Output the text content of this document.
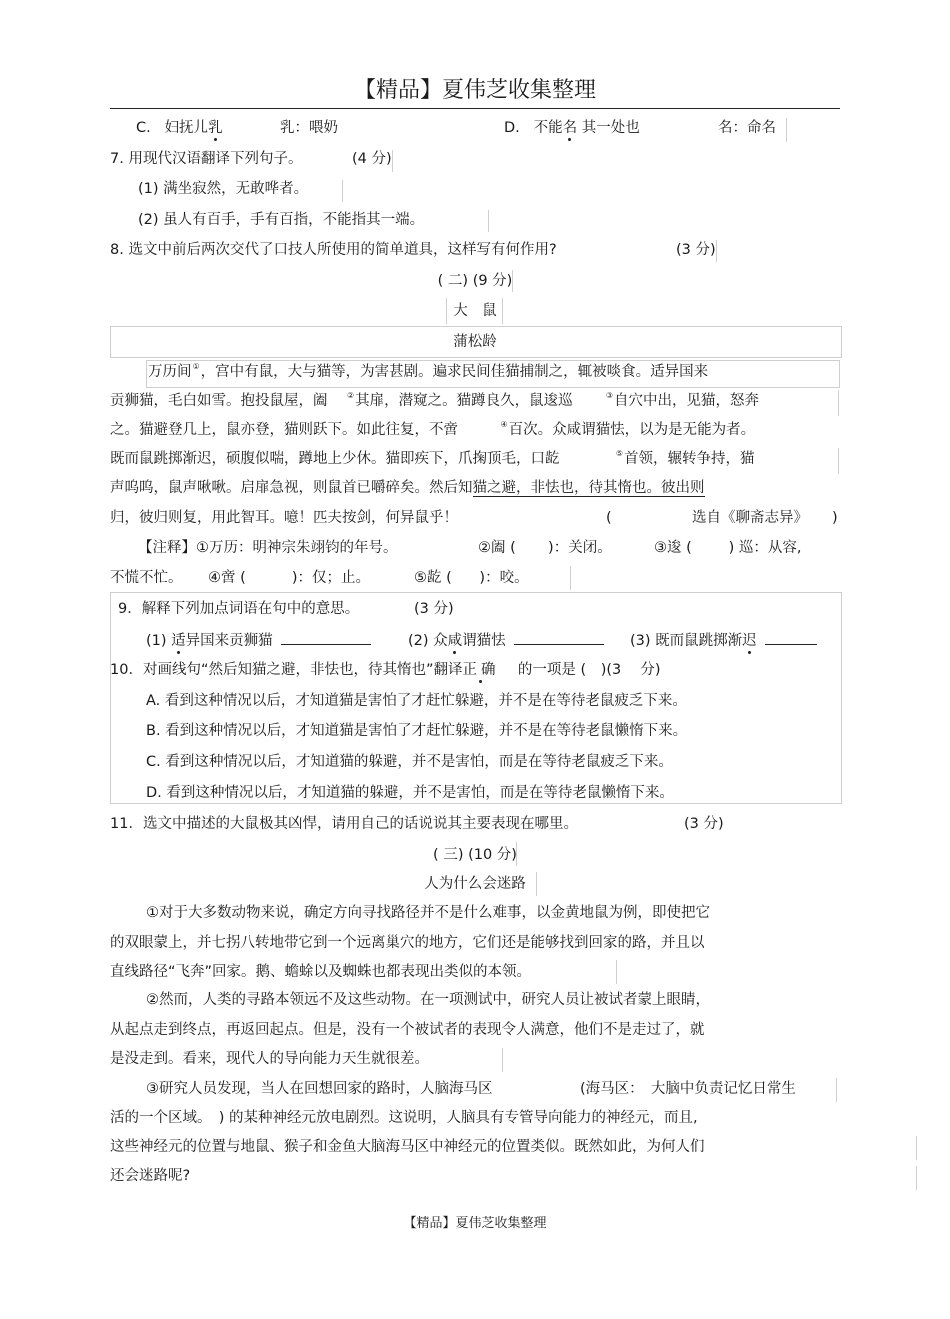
【精品】夏伟芝收集整理
C. 妇抚儿乳	乳：喂奶	D. 不能名 其一处也	名：命名
7. 用现代汉语翻译下列句子。	(4 分)
(1) 满坐寂然，无敢哗者。
(2) 虽人有百手，手有百指，不能指其一端。
8. 选文中前后两次交代了口技人所使用的简单道具，这样写有何作用?	(3 分)
( 二) (9 分)
大　鼠
蒲松龄
万历间①，宫中有鼠，大与猫等，为害甚剧。遍求民间佳猫捕制之，辄被啖食。适异国来
贡狮猫，毛白如雪。抱投鼠屋，阖 ②其扉，潜窥之。猫蹲良久，鼠逡巡	③自穴中出，见猫，怒奔
之。猫避登几上，鼠亦登，猫则跃下。如此往复，不啻	④百次。众咸谓猫怯，以为是无能为者。
既而鼠跳掷渐迟，硕腹似喘，蹲地上少休。猫即疾下，爪掬顶毛，口龁	⑤首领，辗转争持，猫
声呜呜，鼠声啾啾。启扉急视，则鼠首已嚼碎矣。然后知猫之避，非怯也，待其惰也。彼出则
归，彼归则复，用此智耳。噫！匹夫按剑，何异鼠乎！	(	选自《聊斋志异》 )
【注释】①万历：明神宗朱翊钧的年号。	②阖 ( )：关闭。	③逡 (	) 巡：从容,
不慌不忙。 ④啻 (	)：仅；止。	⑤龁 ( )：咬。
9．解释下列加点词语在句中的意思。	(3 分)
(1) 适异国来贡狮猫	(2) 众咸谓猫怯	(3) 既而鼠跳掷渐迟
10．对画线句“然后知猫之避，非怯也，待其惰也”翻译正确 的一项是 (　)(3　 分)
A. 看到这种情况以后，才知道猫是害怕了才赶忙躲避，并不是在等待老鼠疲乏下来。
B. 看到这种情况以后，才知道猫是害怕了才赶忙躲避，并不是在等待老鼠懒惰下来。
C. 看到这种情况以后，才知道猫的躲避，并不是害怕，而是在等待老鼠疲乏下来。
D. 看到这种情况以后，才知道猫的躲避，并不是害怕，而是在等待老鼠懒惰下来。
11．选文中描述的大鼠极其凶悍，请用自己的话说说其主要表现在哪里。	(3 分)
( 三) (10 分)
人为什么会迷路
①对于大多数动物来说，确定方向寻找路径并不是什么难事，以金黄地鼠为例，即使把它
的双眼蒙上，并七拐八转地带它到一个远离巢穴的地方，它们还是能够找到回家的路，并且以
直线路径“飞奔”回家。鹅、蟾蜍以及蜘蛛也都表现出类似的本领。
②然而，人类的寻路本领远不及这些动物。在一项测试中，研究人员让被试者蒙上眼睛，
从起点走到终点，再返回起点。但是，没有一个被试者的表现令人满意，他们不是走过了，就
是没走到。看来，现代人的导向能力天生就很差。
③研究人员发现，当人在回想回家的路时，人脑海马区	(海马区：　大脑中负责记忆日常生
活的一个区域。　) 的某种神经元放电剧烈。这说明，人脑具有专管导向能力的神经元，而且,
这些神经元的位置与地鼠、猴子和金鱼大脑海马区中神经元的位置类似。既然如此，为何人们
还会迷路呢?
【精品】夏伟芝收集整理
